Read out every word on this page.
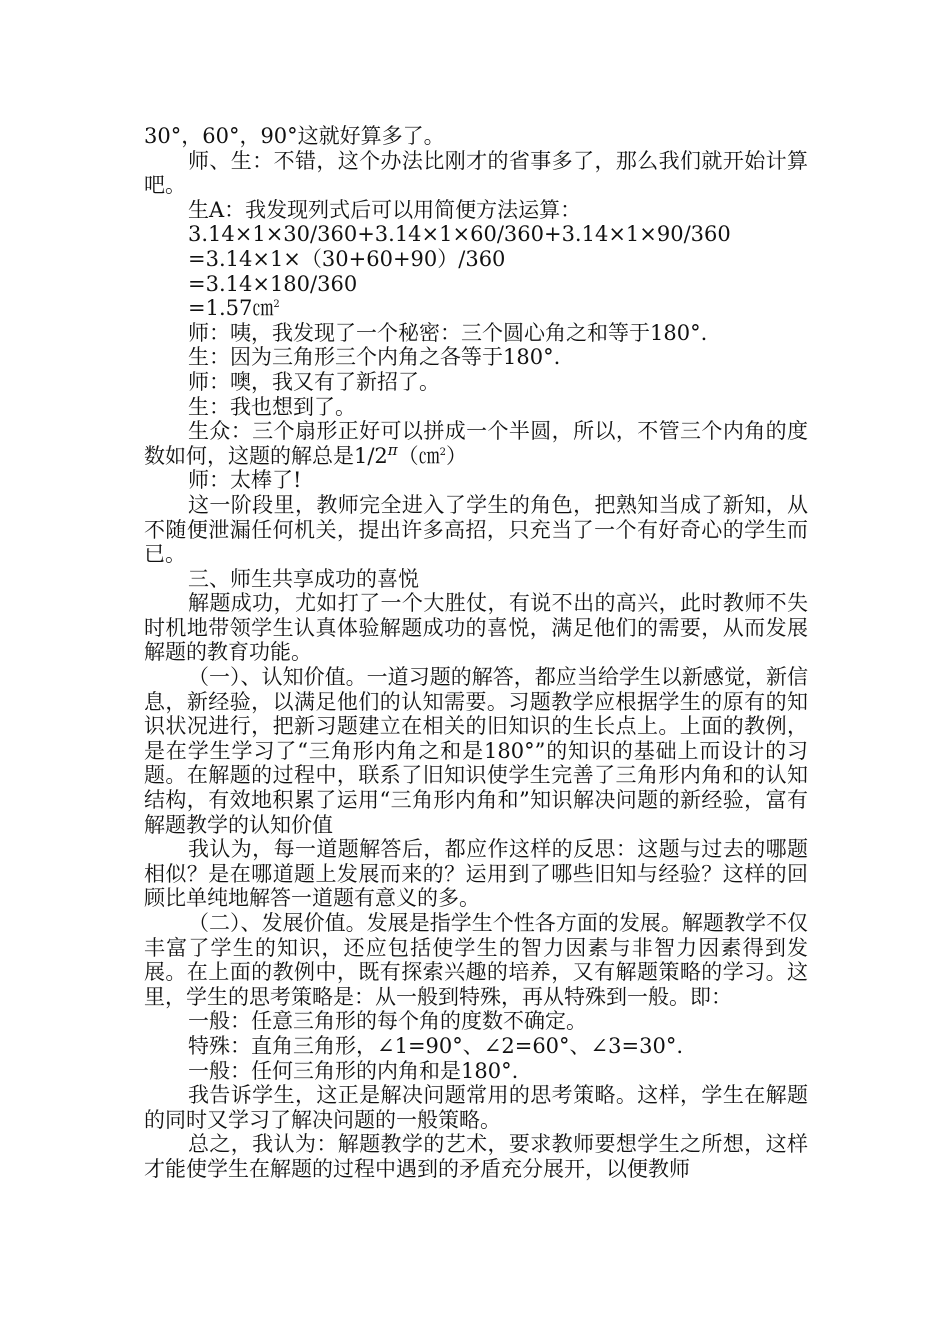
30°，60°，90°这就好算多了。

师、生：不错，这个办法比刚才的省事多了，那么我们就开始计算吧。

生A：我发现列式后可以用简便方法运算：

3.14×1×30/360+3.14×1×60/360+3.14×1×90/360

=3.14×1×（30+60+90）/360

=3.14×180/360

=1.57㎝$^2$

师：咦，我发现了一个秘密：三个圆心角之和等于180°.

生：因为三角形三个内角之各等于180°.

师：噢，我又有了新招了。

生：我也想到了。

生众：三个扇形正好可以拼成一个半圆，所以，不管三个内角的度数如何，这题的解总是$1/2^\pi(㎝^2)$

师：太棒了!

这一阶段里，教师完全进入了学生的角色，把熟知当成了新知，从不随便泄漏任何机关，提出许多高招，只充当了一个有好奇心的学生而已。

三、师生共享成功的喜悦

解题成功，尤如打了一个大胜仗，有说不出的高兴，此时教师不失时机地带领学生认真体验解题成功的喜悦，满足他们的需要，从而发展解题的教育功能。

（一）、认知价值。一道习题的解答，都应当给学生以新感觉，新信息，新经验，以满足他们的认知需要。习题教学应根据学生的原有的知识状况进行，把新习题建立在相关的旧知识的生长点上。上面的教例，是在学生学习了“三角形内角之和是180°”的知识的基础上而设计的习题。在解题的过程中，联系了旧知识使学生完善了三角形内角和的认知结构，有效地积累了运用“三角形内角和”知识解决问题的新经验，富有解题教学的认知价值

我认为，每一道题解答后，都应作这样的反思：这题与过去的哪题相似？是在哪道题上发展而来的？运用到了哪些旧知与经验？这样的回顾比单纯地解答一道题有意义的多。

（二）、发展价值。发展是指学生个性各方面的发展。解题教学不仅丰富了学生的知识，还应包括使学生的智力因素与非智力因素得到发展。在上面的教例中，既有探索兴趣的培养，又有解题策略的学习。这里，学生的思考策略是：从一般到特殊，再从特殊到一般。即：

一般：任意三角形的每个角的度数不确定。

特殊：直角三角形，∠1=90°、∠2=60°、∠3=30°.

一般：任何三角形的内角和是180°.

我告诉学生，这正是解决问题常用的思考策略。这样，学生在解题的同时又学习了解决问题的一般策略。

总之，我认为：解题教学的艺术，要求教师要想学生之所想，这样才能使学生在解题的过程中遇到的矛盾充分展开，以便教师
